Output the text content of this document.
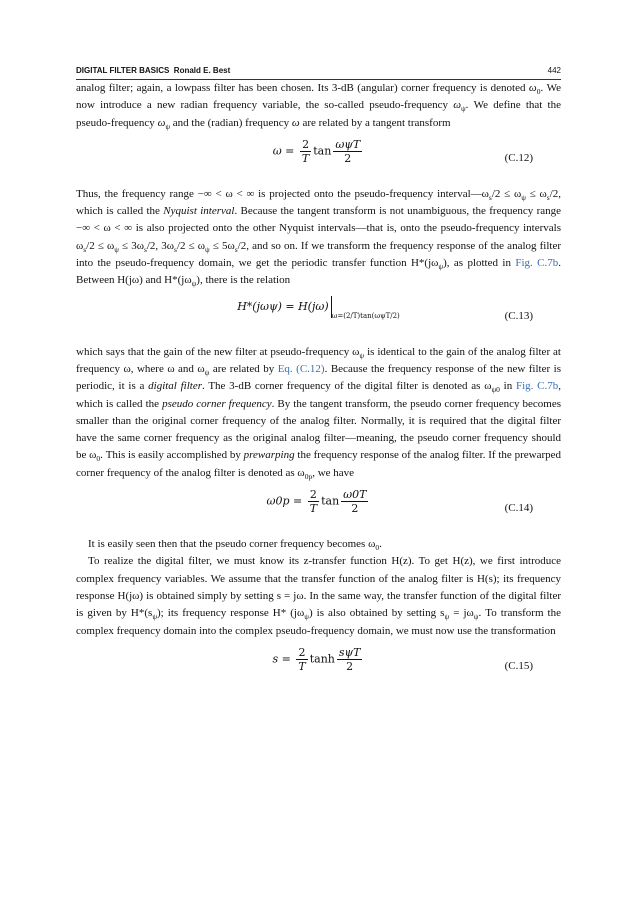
DIGITAL FILTER BASICS Ronald E. Best	442

analog filter; again, a lowpass filter has been chosen. Its 3-dB (angular) corner frequency is denoted $\omega_0$. We now introduce a new radian frequency variable, the so-called pseudo-frequency $\omega_\psi$. We define that the pseudo-frequency $\omega_\psi$ and the (radian) frequency ω are related by a tangent transform

$\omega = \frac{2}{T}$ $\tan \frac{\text{ωψT}}{2}$	(C.12)

Thus, the frequency range −∞ < ω < ∞ is projected onto the pseudo-frequency $interval—\omega_s/2 \le \omega_\psi \le \omega_s/2$, which is called the Nyquist interval. Because the tangent transform is not unambiguous, the frequency range −∞ < ω < ∞ is also projected onto the other Nyquist intervals—that is, onto the pseudo-frequency intervals $\omega_s/2 \le \omega_\psi \le 3\omega_s/2$, $3\omega_s/2 \le \omega_\psi \le 5\omega_s/2$, and so on. If we transform the frequency response of the analog filter into the pseudo-frequency domain, we get the periodic transfer function $H*(j\omega_\psi)$, as plotted in Fig. C.7b. Between H(jω) and $H*(j\omega_\psi)$, there is the relation

$H*(j\omega\psi) = H(j\omega)_{\omega=(2/T)tan(\omega\psi T/2)}$	(C.13)

which says that the gain of the new filter at pseudo-frequency $\omega_\psi$ is identical to the gain of the analog filter at frequency ω, where ω and $\omega_\psi$ are related by Eq. (C.12). Because the frequency response of the new filter is periodic, it is a digital filter. The 3-dB corner frequency of the digital filter is denoted as $\omega_{\psi 0}$ in Fig. C.7b, which is called the pseudo corner frequency. By the tangent transform, the pseudo corner frequency becomes smaller than the original corner frequency of the analog filter. Normally, it is required that the digital filter have the same corner frequency as the original analog filter—meaning, the pseudo corner frequency should be $\omega_0$. This is easily accomplished by prewarping the frequency response of the analog filter. If the prewarped corner frequency of the analog filter is denoted as $\omega_{0p}$, we have

$\omega 0p = \frac{2}{T}$ $\tan \frac{\omega 0T}{2}$	(C.14)

It is easily seen then that the pseudo corner frequency becomes $\omega_0$.

To realize the digital filter, we must know its z-transfer function H(z). To get H(z), we first introduce complex frequency variables. We assume that the transfer function of the analog filter is H(s); its frequency response H(jω) is obtained simply by setting s = jω. In the same way, the transfer function of the digital filter is given by $H*(s_\psi)$; its frequency response H* $(j\omega_\psi)$ is also obtained by setting $s_\psi = j\omega_\psi$. To transform the complex frequency domain into the complex pseudo-frequency domain, we must now use the transformation

$s = \frac{2}{T}$ $\tanh \frac{\text{sψT}}{2}$	(C.15)
